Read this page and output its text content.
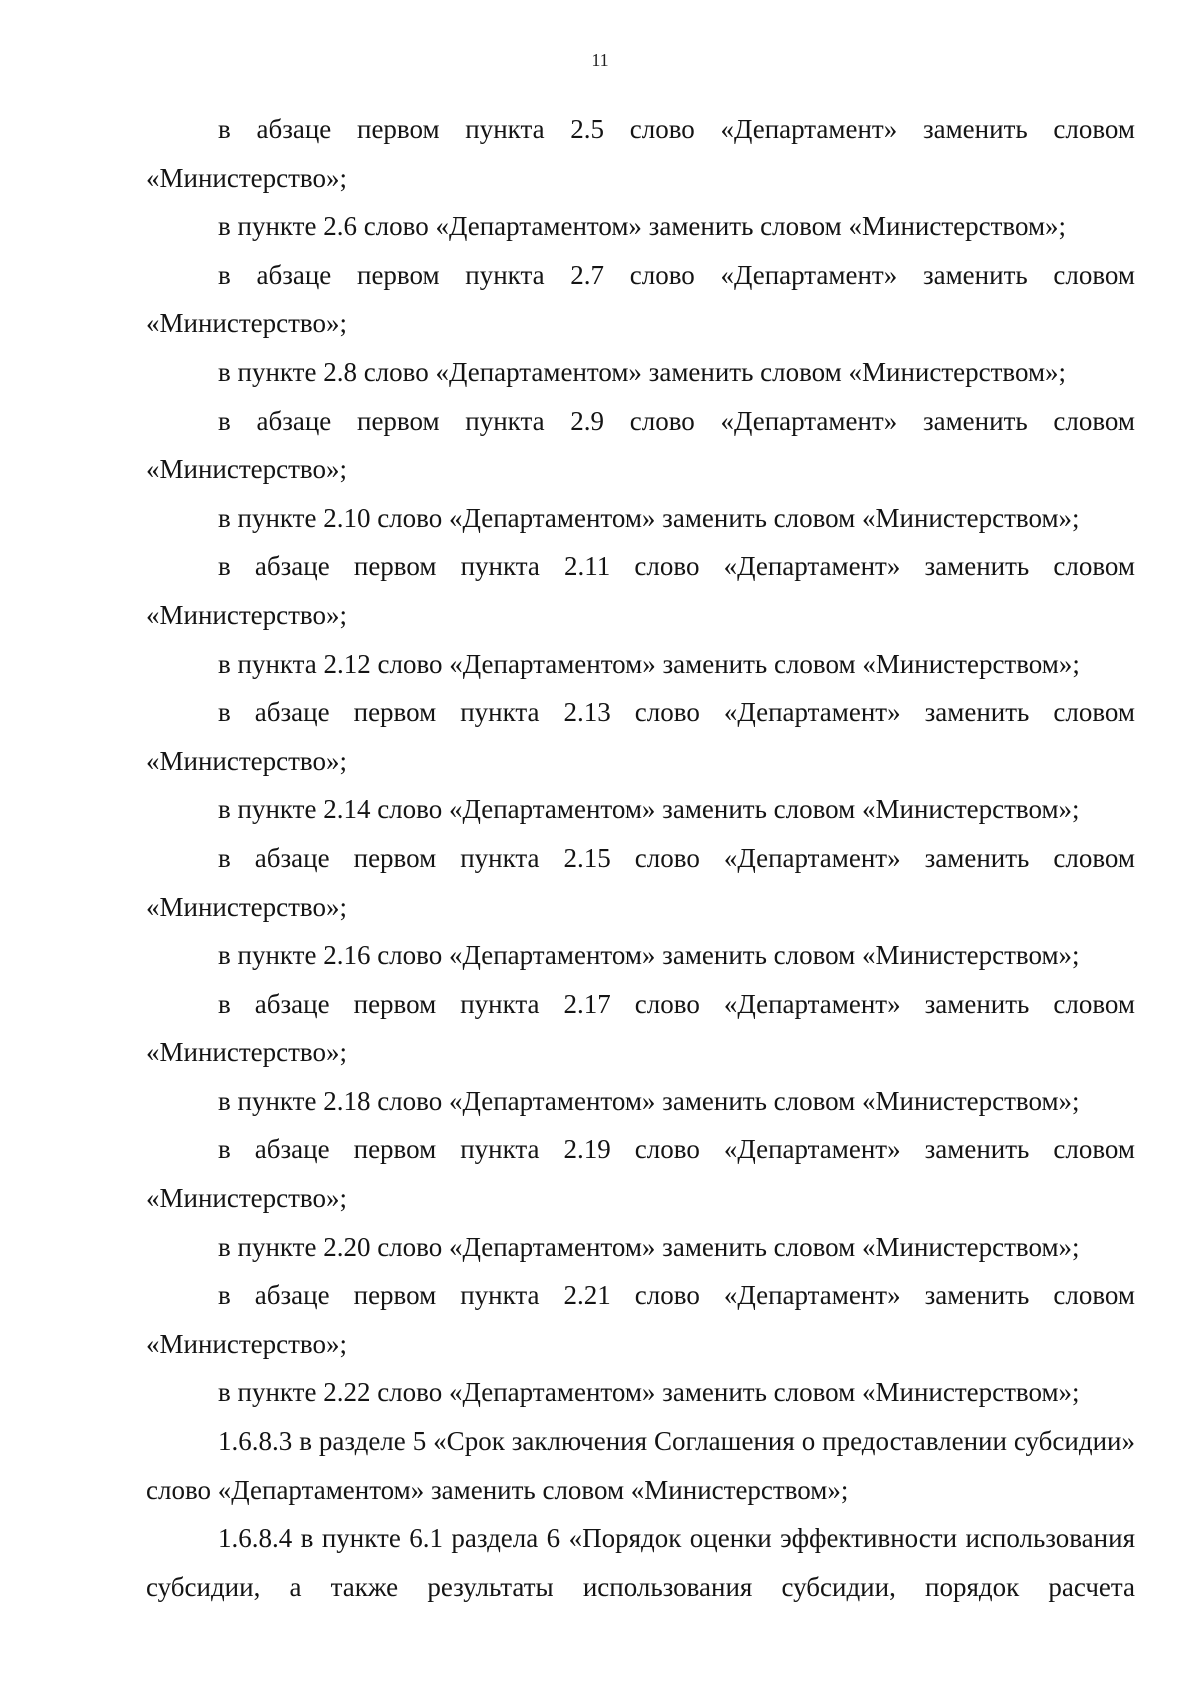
11

в абзаце первом пункта 2.5 слово «Департамент» заменить словом «Министерство»;

в пункте 2.6 слово «Департаментом» заменить словом «Министерством»;

в абзаце первом пункта 2.7 слово «Департамент» заменить словом «Министерство»;

в пункте 2.8 слово «Департаментом» заменить словом «Министерством»;

в абзаце первом пункта 2.9 слово «Департамент» заменить словом «Министерство»;

в пункте 2.10 слово «Департаментом» заменить словом «Министерством»;

в абзаце первом пункта 2.11 слово «Департамент» заменить словом «Министерство»;

в пункта 2.12 слово «Департаментом» заменить словом «Министерством»;

в абзаце первом пункта 2.13 слово «Департамент» заменить словом «Министерство»;

в пункте 2.14 слово «Департаментом» заменить словом «Министерством»;

в абзаце первом пункта 2.15 слово «Департамент» заменить словом «Министерство»;

в пункте 2.16 слово «Департаментом» заменить словом «Министерством»;

в абзаце первом пункта 2.17 слово «Департамент» заменить словом «Министерство»;

в пункте 2.18 слово «Департаментом» заменить словом «Министерством»;

в абзаце первом пункта 2.19 слово «Департамент» заменить словом «Министерство»;

в пункте 2.20 слово «Департаментом» заменить словом «Министерством»;

в абзаце первом пункта 2.21 слово «Департамент» заменить словом «Министерство»;

в пункте 2.22 слово «Департаментом» заменить словом «Министерством»;

1.6.8.3 в разделе 5 «Срок заключения Соглашения о предоставлении субсидии» слово «Департаментом» заменить словом «Министерством»;

1.6.8.4 в пункте 6.1 раздела 6 «Порядок оценки эффективности использования субсидии, а также результаты использования субсидии, порядок расчета
